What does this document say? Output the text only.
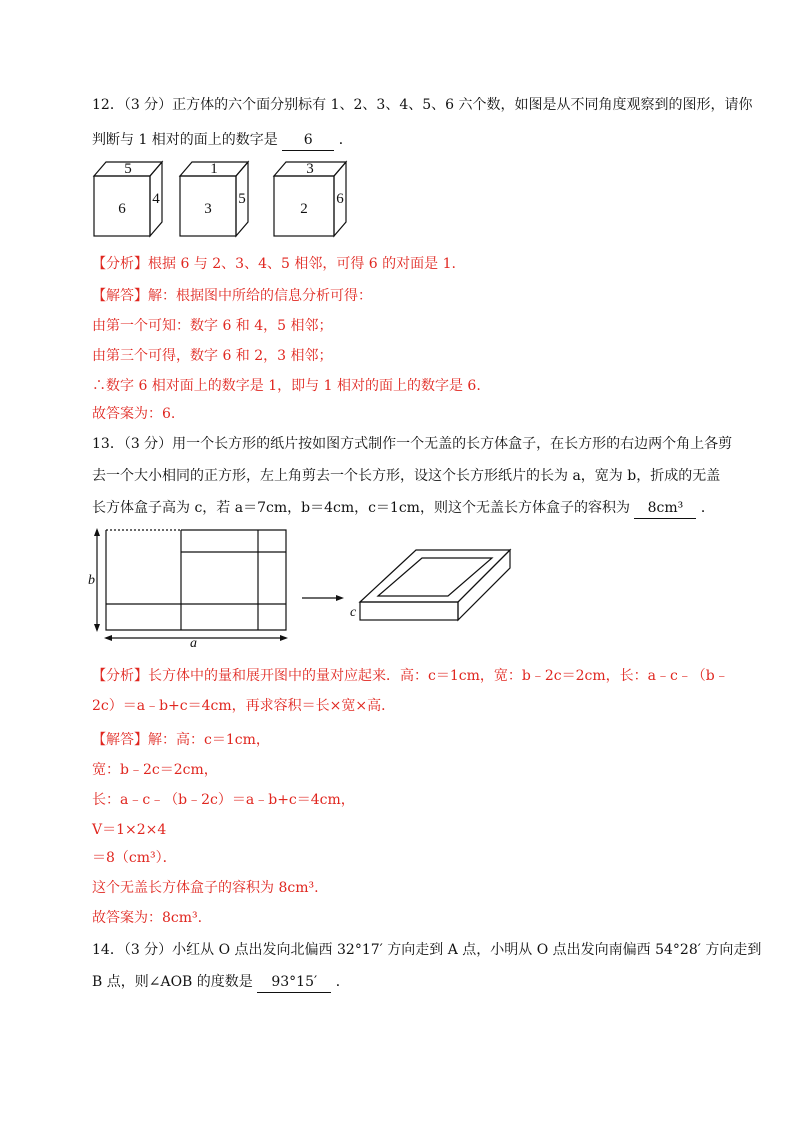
12．（3 分）正方体的六个面分别标有 1、2、3、4、5、6 六个数，如图是从不同角度观察到的图形，请你
判断与 1 相对的面上的数字是 6 ．
5
6
4
1
3
5
3
2
6
【分析】根据 6 与 2、3、4、5 相邻，可得 6 的对面是 1.
【解答】解：根据图中所给的信息分析可得：
由第一个可知：数字 6 和 4，5 相邻；
由第三个可得，数字 6 和 2，3 相邻；
∴数字 6 相对面上的数字是 1，即与 1 相对的面上的数字是 6.
故答案为：6.
13．（3 分）用一个长方形的纸片按如图方式制作一个无盖的长方体盒子，在长方形的右边两个角上各剪
去一个大小相同的正方形，左上角剪去一个长方形，设这个长方形纸片的长为 a，宽为 b，折成的无盖
长方体盒子高为 c，若 a＝7cm，b＝4cm，c＝1cm，则这个无盖长方体盒子的容积为 8cm³ ．
b
a
c
【分析】长方体中的量和展开图中的量对应起来．高：c＝1cm，宽：b﹣2c＝2cm，长：a﹣c﹣（b﹣
2c）＝a﹣b+c＝4cm，再求容积＝长×宽×高．
【解答】解：高：c＝1cm，
宽：b﹣2c＝2cm，
长：a﹣c﹣（b﹣2c）＝a﹣b+c＝4cm，
V＝1×2×4
＝8（cm³）．
这个无盖长方体盒子的容积为 8cm³.
故答案为：8cm³.
14．（3 分）小红从 O 点出发向北偏西 32°17′ 方向走到 A 点，小明从 O 点出发向南偏西 54°28′ 方向走到
B 点，则∠AOB 的度数是 93°15′ ．
